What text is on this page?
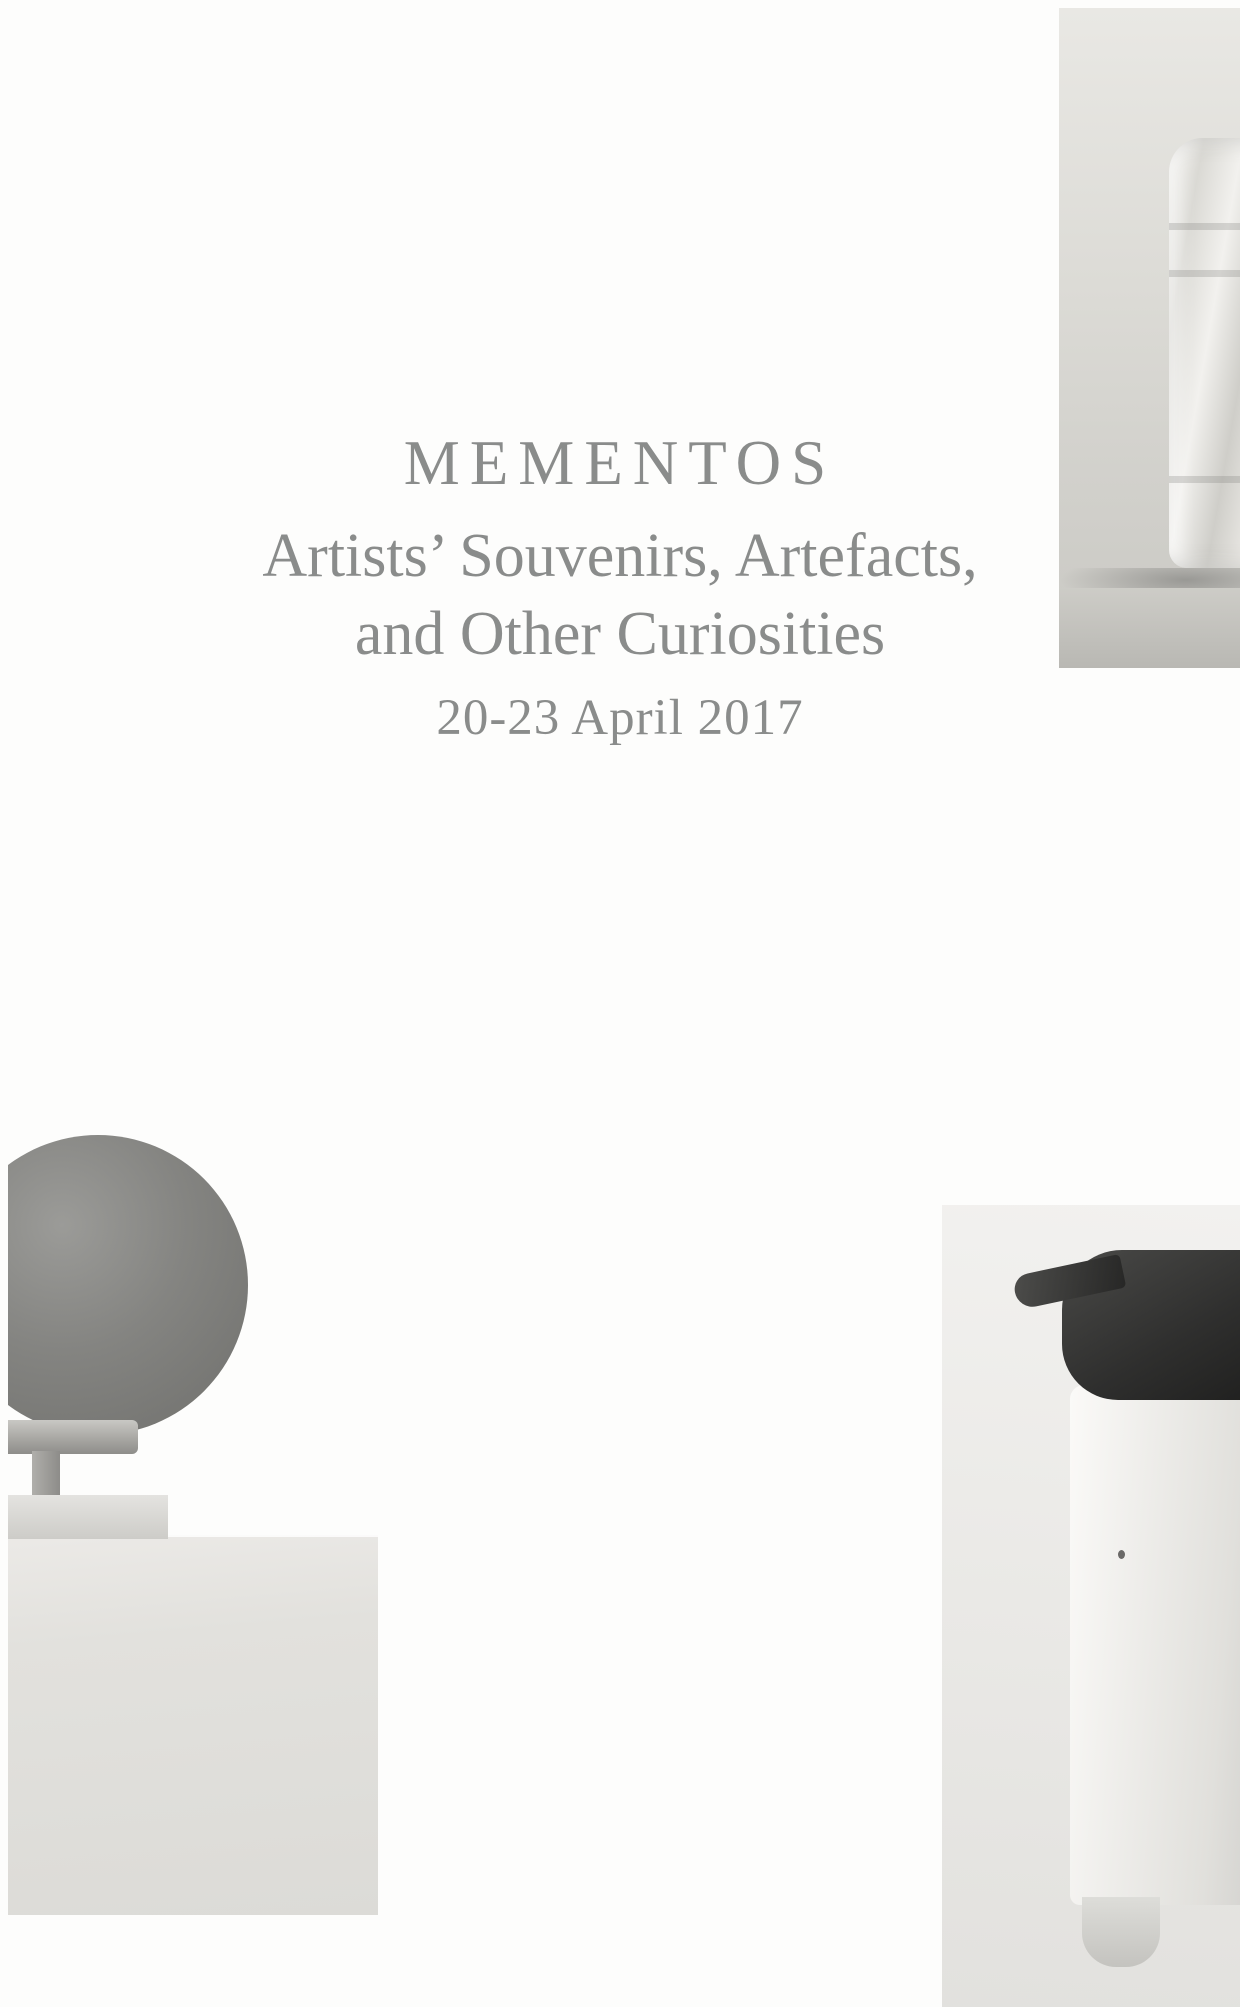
MEMENTOS
Artists’ Souvenirs, Artefacts,
and Other Curiosities
20-23 April 2017
